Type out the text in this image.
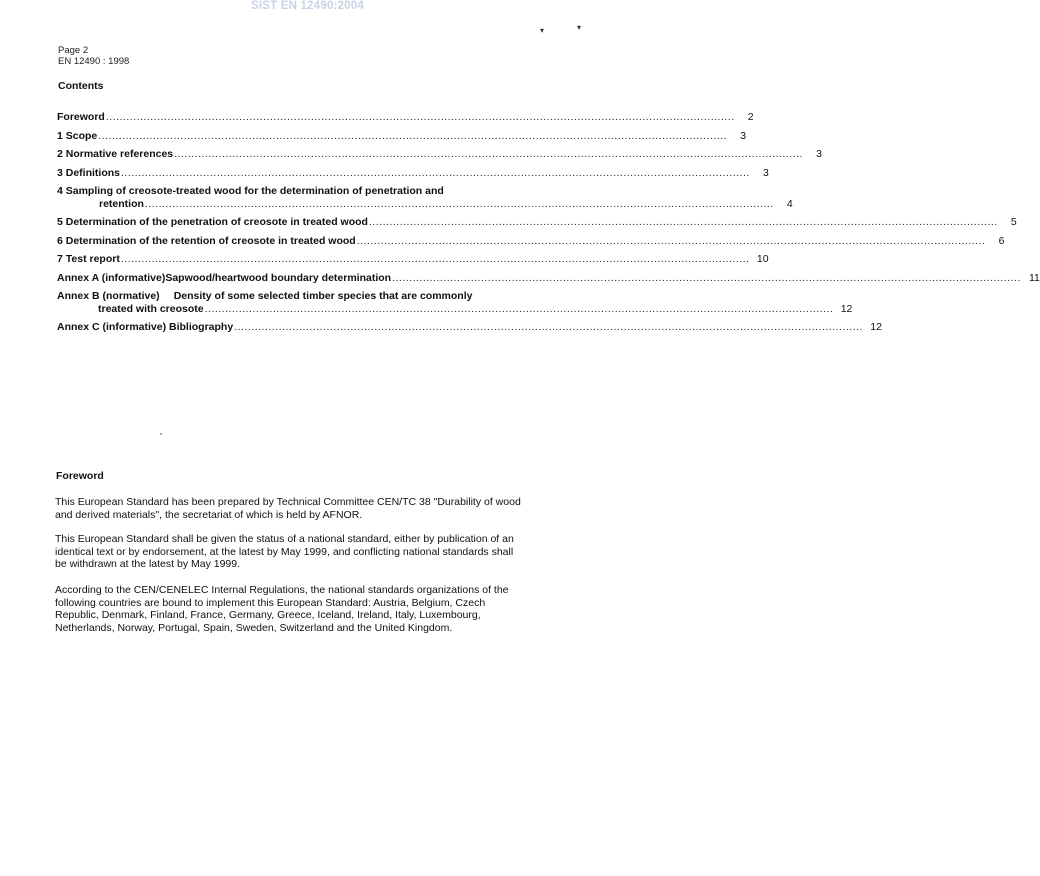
SIST EN 12490:2004
▾	▾
Page 2
EN 12490 : 1998
Contents
Foreword ........................................................................................................................................................................................	2
1 Scope ........................................................................................................................................................................................	3
2 Normative references ........................................................................................................................................................................................	3
3 Definitions ........................................................................................................................................................................................	3
4 Sampling of creosote-treated wood for the determination of penetration and
retention ........................................................................................................................................................................................	4
5 Determination of the penetration of creosote in treated wood ........................................................................................................................................................................................	5
6 Determination of the retention of creosote in treated wood ........................................................................................................................................................................................	6
7 Test report ........................................................................................................................................................................................ 10
Annex A (informative) Sapwood/heartwood boundary determination ........................................................................................................................................................................................ 11
Annex B (normative) Density of some selected timber species that are commonly
treated with creosote ........................................................................................................................................................................................ 12
Annex C (informative) Bibliography ........................................................................................................................................................................................ 12
Foreword
This European Standard has been prepared by Technical Committee CEN/TC 38 "Durability of wood and derived materials", the secretariat of which is held by AFNOR.
This European Standard shall be given the status of a national standard, either by publication of an identical text or by endorsement, at the latest by May 1999, and conflicting national standards shall be withdrawn at the latest by May 1999.
According to the CEN/CENELEC Internal Regulations, the national standards organizations of the following countries are bound to implement this European Standard: Austria, Belgium, Czech Republic, Denmark, Finland, France, Germany, Greece, Iceland, Ireland, Italy, Luxembourg, Netherlands, Norway, Portugal, Spain, Sweden, Switzerland and the United Kingdom.
